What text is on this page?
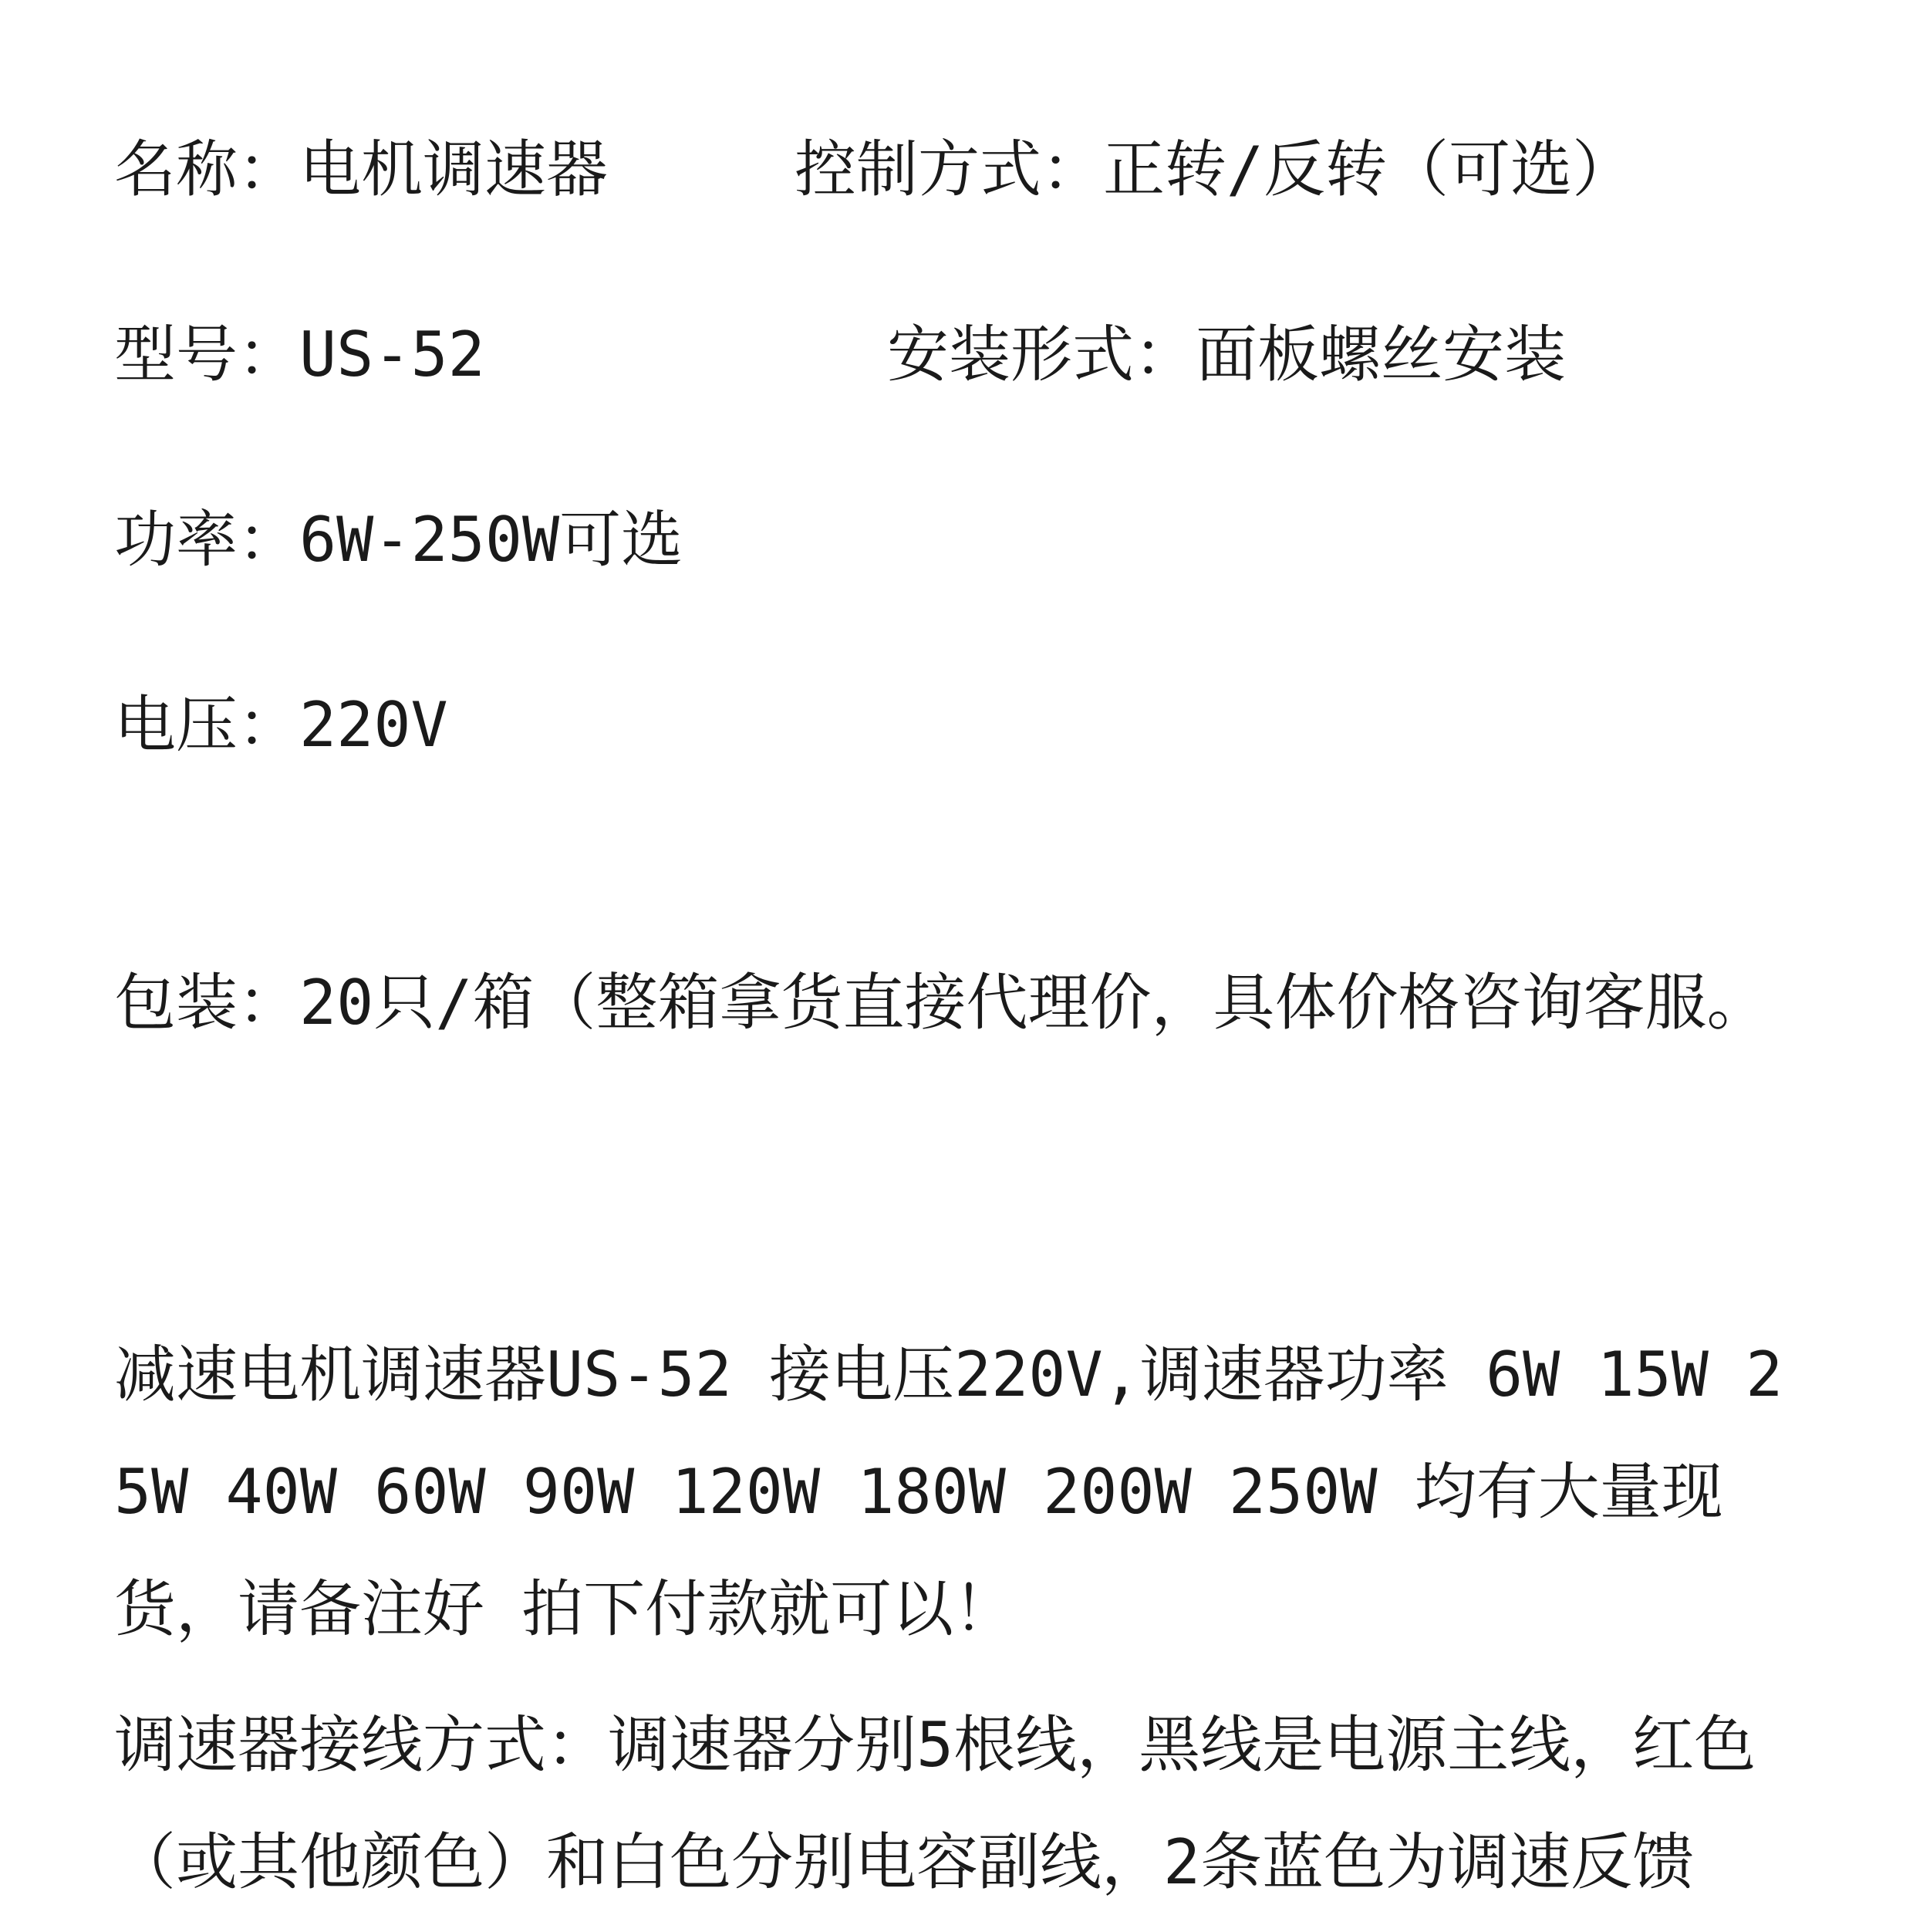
名称：电机调速器	控制方式：正转/反转（可选）
型号：US-52	安装形式：面板螺丝安装
功率：6W-250W可选
电压：220V
包装：20只/箱（整箱拿货直接代理价，具体价格咨询客服。
减速电机调速器US-52 接电压220V,调速器功率 6W 15W 25W 40W 60W 90W 120W 180W 200W 250W 均有大量现货，请备注好 拍下付款就可以！
调速器接线方式：调速器分别5根线，黑线是电源主线，红色（或其他颜色）和白色分别电容副线，2条蓝色为调速反馈
